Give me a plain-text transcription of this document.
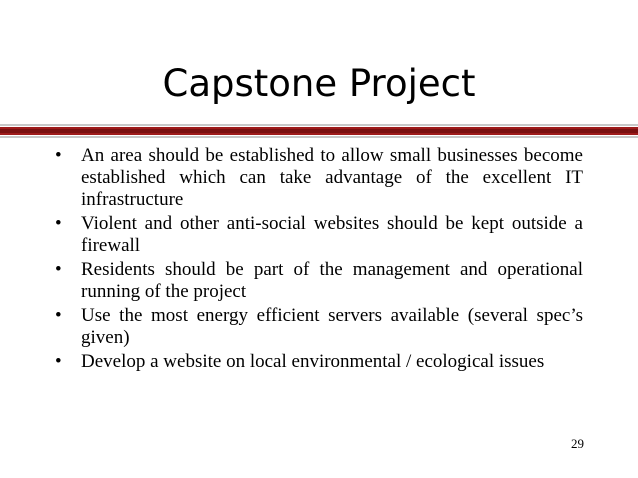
Capstone Project
• An area should be established to allow small businesses become established which can take advantage of the excellent IT infrastructure
• Violent and other anti-social websites should be kept outside a firewall
• Residents should be part of the management and operational running of the project
• Use the most energy efficient servers available (several spec’s given)
• Develop a website on local environmental / ecological issues
29
